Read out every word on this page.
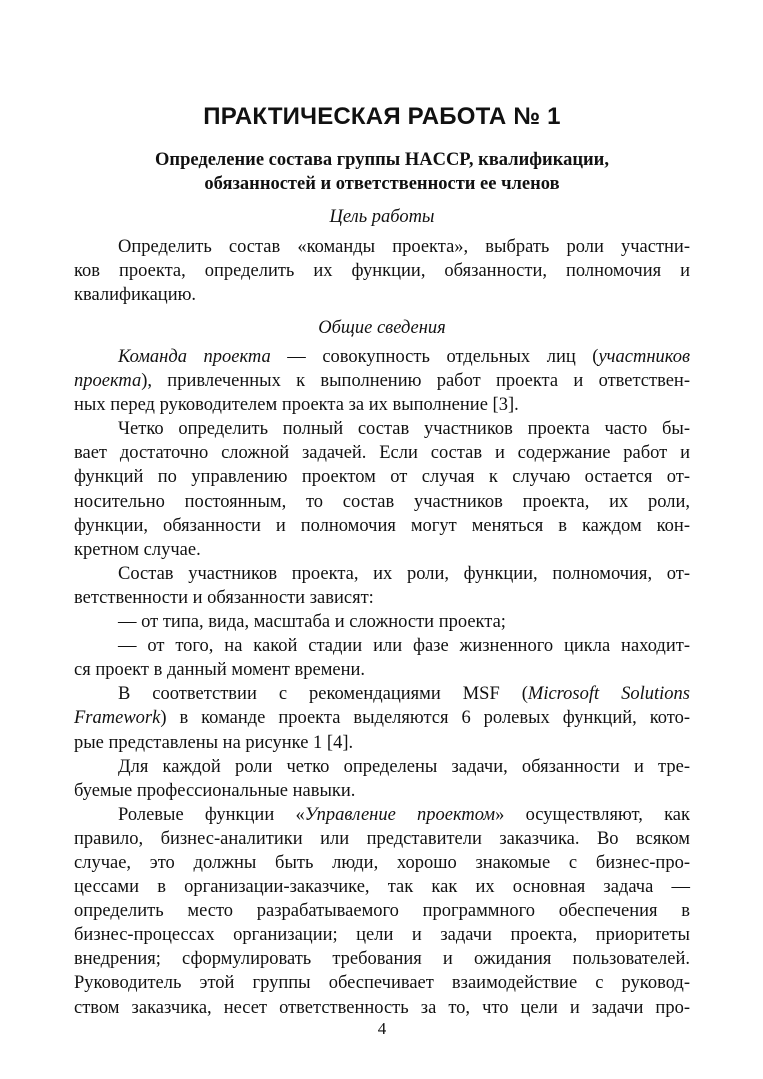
ПРАКТИЧЕСКАЯ РАБОТА № 1
Определение состава группы HACCP, квалификации,
обязанностей и ответственности ее членов
Цель работы
Определить состав «команды проекта», выбрать роли участни-
ков проекта, определить их функции, обязанности, полномочия и
квалификацию.
Общие сведения
Команда проекта — совокупность отдельных лиц (участников
проекта), привлеченных к выполнению работ проекта и ответствен-
ных перед руководителем проекта за их выполнение [3].
Четко определить полный состав участников проекта часто бы-
вает достаточно сложной задачей. Если состав и содержание работ и
функций по управлению проектом от случая к случаю остается от-
носительно постоянным, то состав участников проекта, их роли,
функции, обязанности и полномочия могут меняться в каждом кон-
кретном случае.
Состав участников проекта, их роли, функции, полномочия, от-
ветственности и обязанности зависят:
— от типа, вида, масштаба и сложности проекта;
— от того, на какой стадии или фазе жизненного цикла находит-
ся проект в данный момент времени.
В соответствии с рекомендациями MSF (Microsoft Solutions
Framework) в команде проекта выделяются 6 ролевых функций, кото-
рые представлены на рисунке 1 [4].
Для каждой роли четко определены задачи, обязанности и тре-
буемые профессиональные навыки.
Ролевые функции «Управление проектом» осуществляют, как
правило, бизнес-аналитики или представители заказчика. Во всяком
случае, это должны быть люди, хорошо знакомые с бизнес-про-
цессами в организации-заказчике, так как их основная задача —
определить место разрабатываемого программного обеспечения в
бизнес-процессах организации; цели и задачи проекта, приоритеты
внедрения; сформулировать требования и ожидания пользователей.
Руководитель этой группы обеспечивает взаимодействие с руковод-
ством заказчика, несет ответственность за то, что цели и задачи про-
4
